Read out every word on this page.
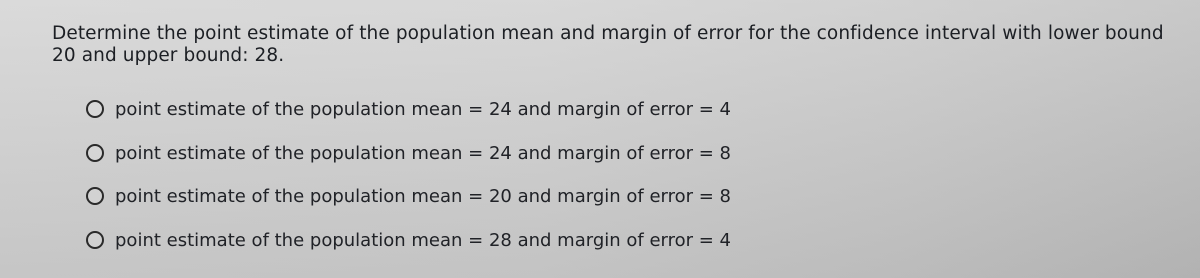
Determine the point estimate of the population mean and margin of error for the confidence interval with lower bound 20 and upper bound: 28.
point estimate of the population mean = 24 and margin of error = 4
point estimate of the population mean = 24 and margin of error = 8
point estimate of the population mean = 20 and margin of error = 8
point estimate of the population mean = 28 and margin of error = 4
